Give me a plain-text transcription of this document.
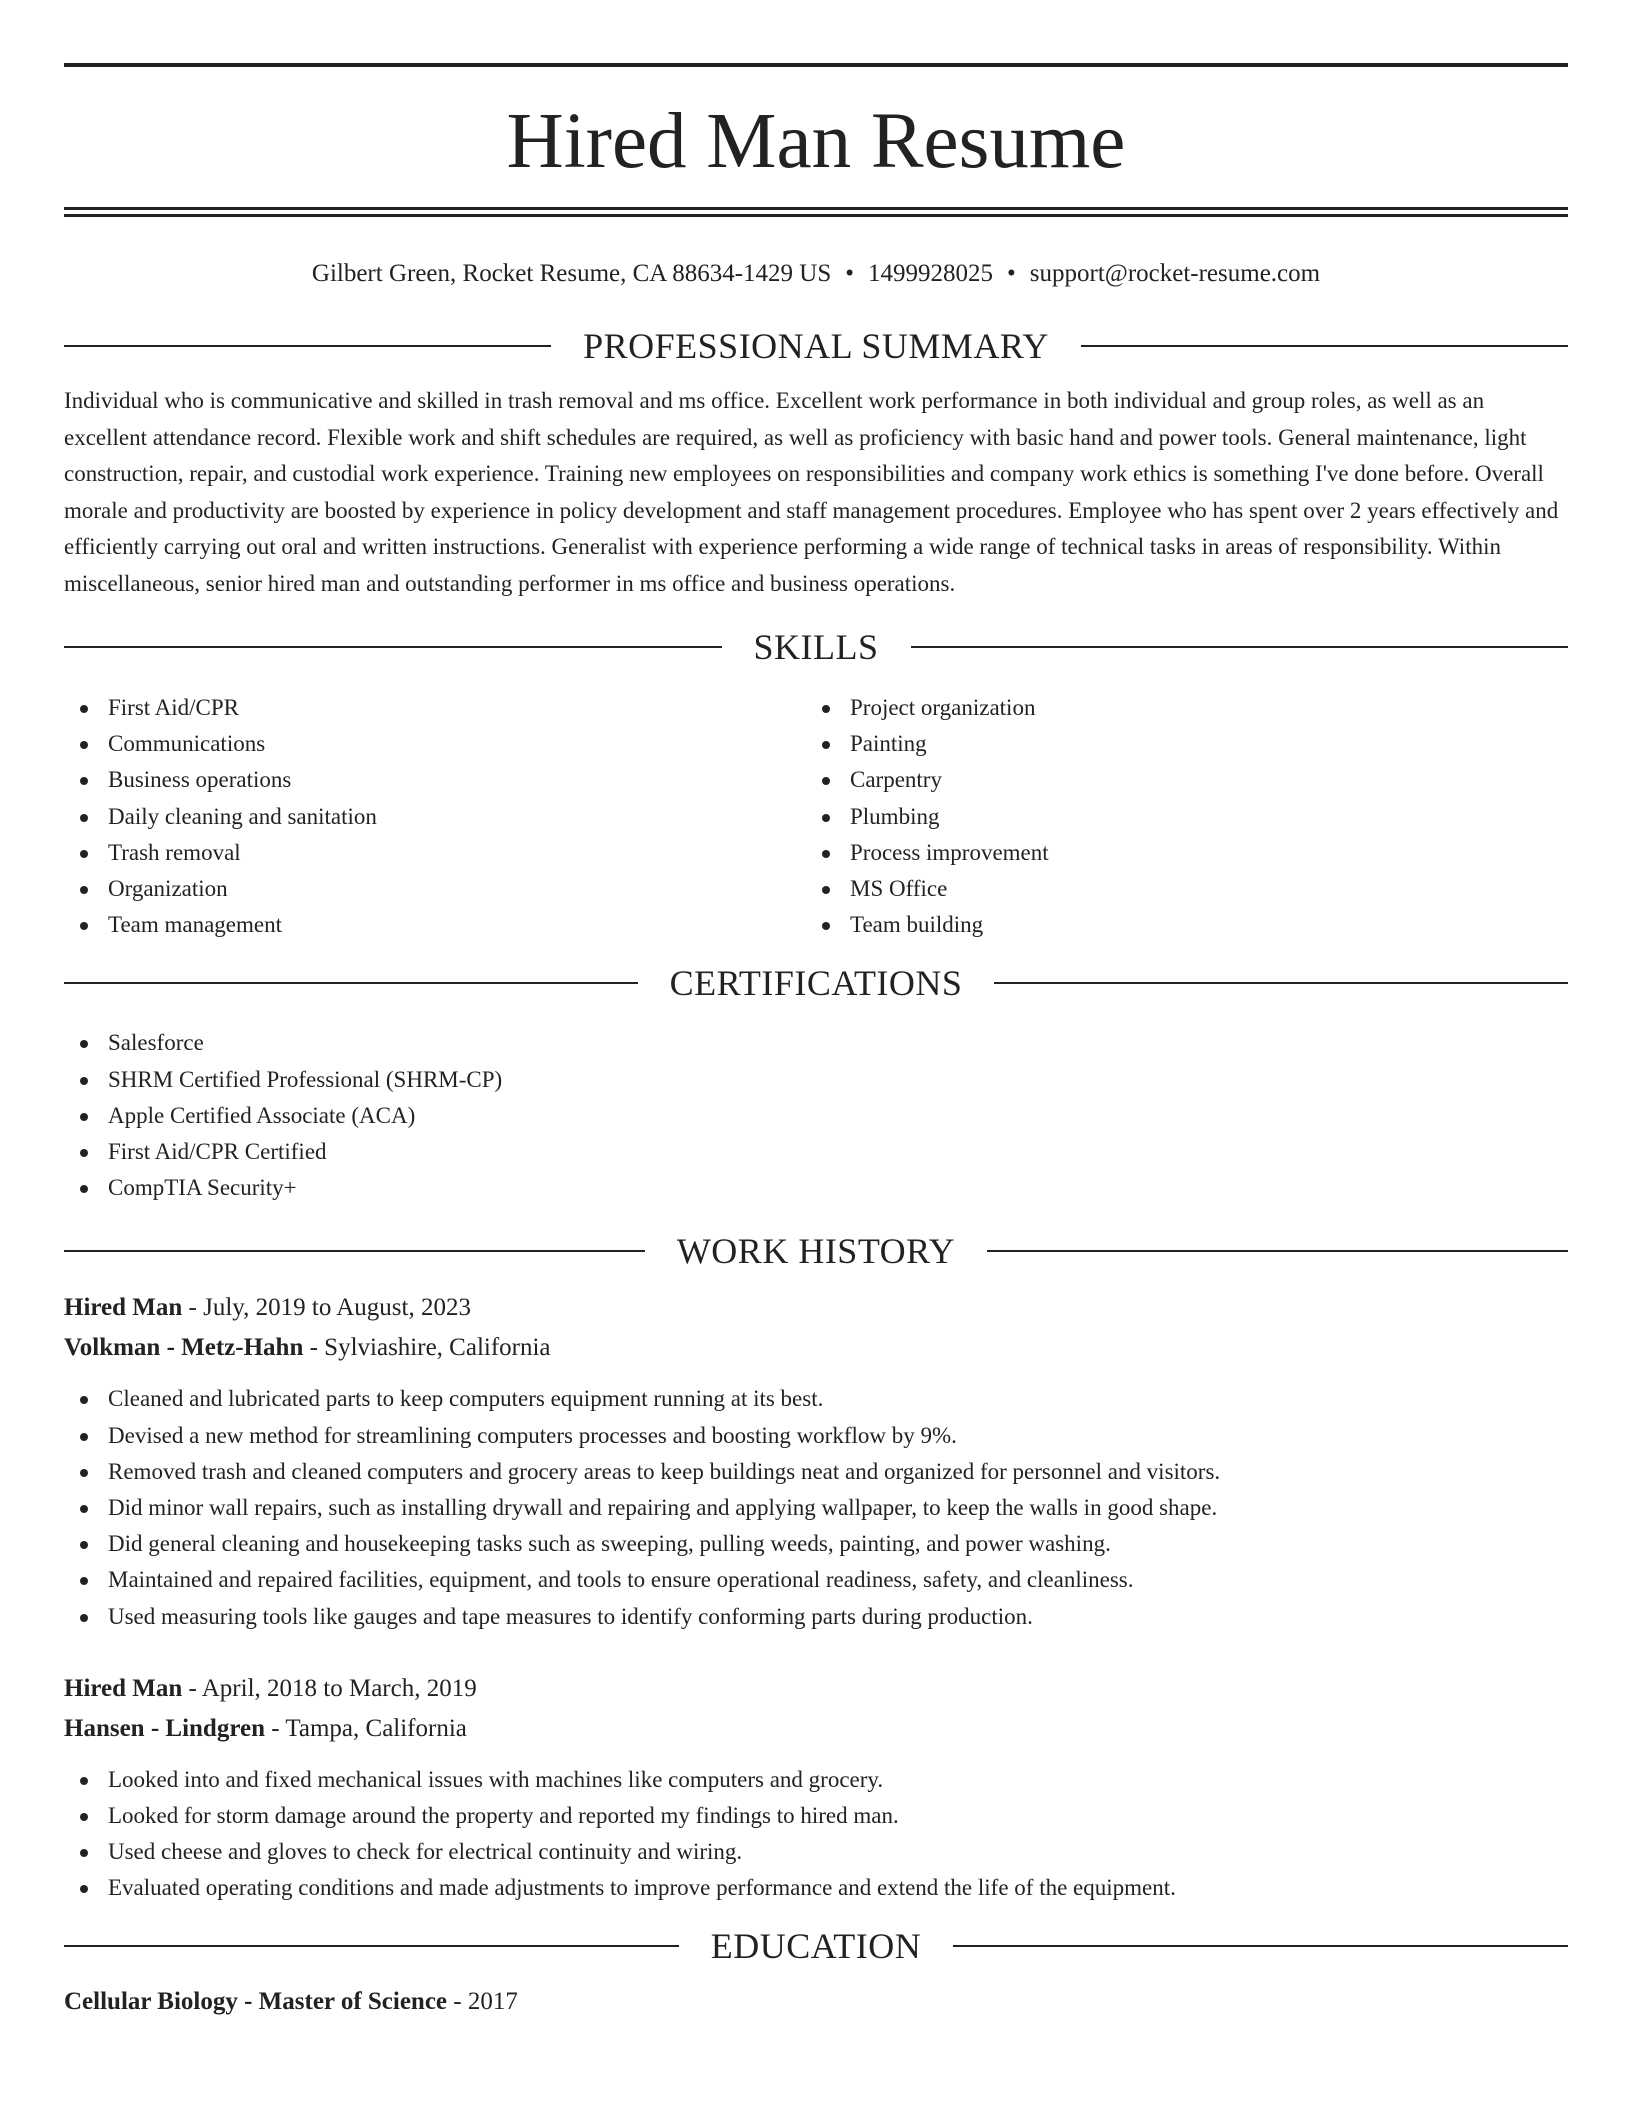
Hired Man Resume
Gilbert Green, Rocket Resume, CA 88634-1429 US • 1499928025 • support@rocket-resume.com
PROFESSIONAL SUMMARY

Individual who is communicative and skilled in trash removal and ms office. Excellent work performance in both individual and group roles, as well as an excellent attendance record. Flexible work and shift schedules are required, as well as proficiency with basic hand and power tools. General maintenance, light construction, repair, and custodial work experience. Training new employees on responsibilities and company work ethics is something I've done before. Overall morale and productivity are boosted by experience in policy development and staff management procedures. Employee who has spent over 2 years effectively and efficiently carrying out oral and written instructions. Generalist with experience performing a wide range of technical tasks in areas of responsibility. Within miscellaneous, senior hired man and outstanding performer in ms office and business operations.

SKILLS
First Aid/CPR
Communications
Business operations
Daily cleaning and sanitation
Trash removal
Organization
Team management
Project organization
Painting
Carpentry
Plumbing
Process improvement
MS Office
Team building
CERTIFICATIONS
Salesforce
SHRM Certified Professional (SHRM-CP)
Apple Certified Associate (ACA)
First Aid/CPR Certified
CompTIA Security+
WORK HISTORY
Hired Man - July, 2019 to August, 2023
Volkman - Metz-Hahn - Sylviashire, California
Cleaned and lubricated parts to keep computers equipment running at its best.
Devised a new method for streamlining computers processes and boosting workflow by 9%.
Removed trash and cleaned computers and grocery areas to keep buildings neat and organized for personnel and visitors.
Did minor wall repairs, such as installing drywall and repairing and applying wallpaper, to keep the walls in good shape.
Did general cleaning and housekeeping tasks such as sweeping, pulling weeds, painting, and power washing.
Maintained and repaired facilities, equipment, and tools to ensure operational readiness, safety, and cleanliness.
Used measuring tools like gauges and tape measures to identify conforming parts during production.
Hired Man - April, 2018 to March, 2019
Hansen - Lindgren - Tampa, California
Looked into and fixed mechanical issues with machines like computers and grocery.
Looked for storm damage around the property and reported my findings to hired man.
Used cheese and gloves to check for electrical continuity and wiring.
Evaluated operating conditions and made adjustments to improve performance and extend the life of the equipment.
EDUCATION
Cellular Biology - Master of Science - 2017
